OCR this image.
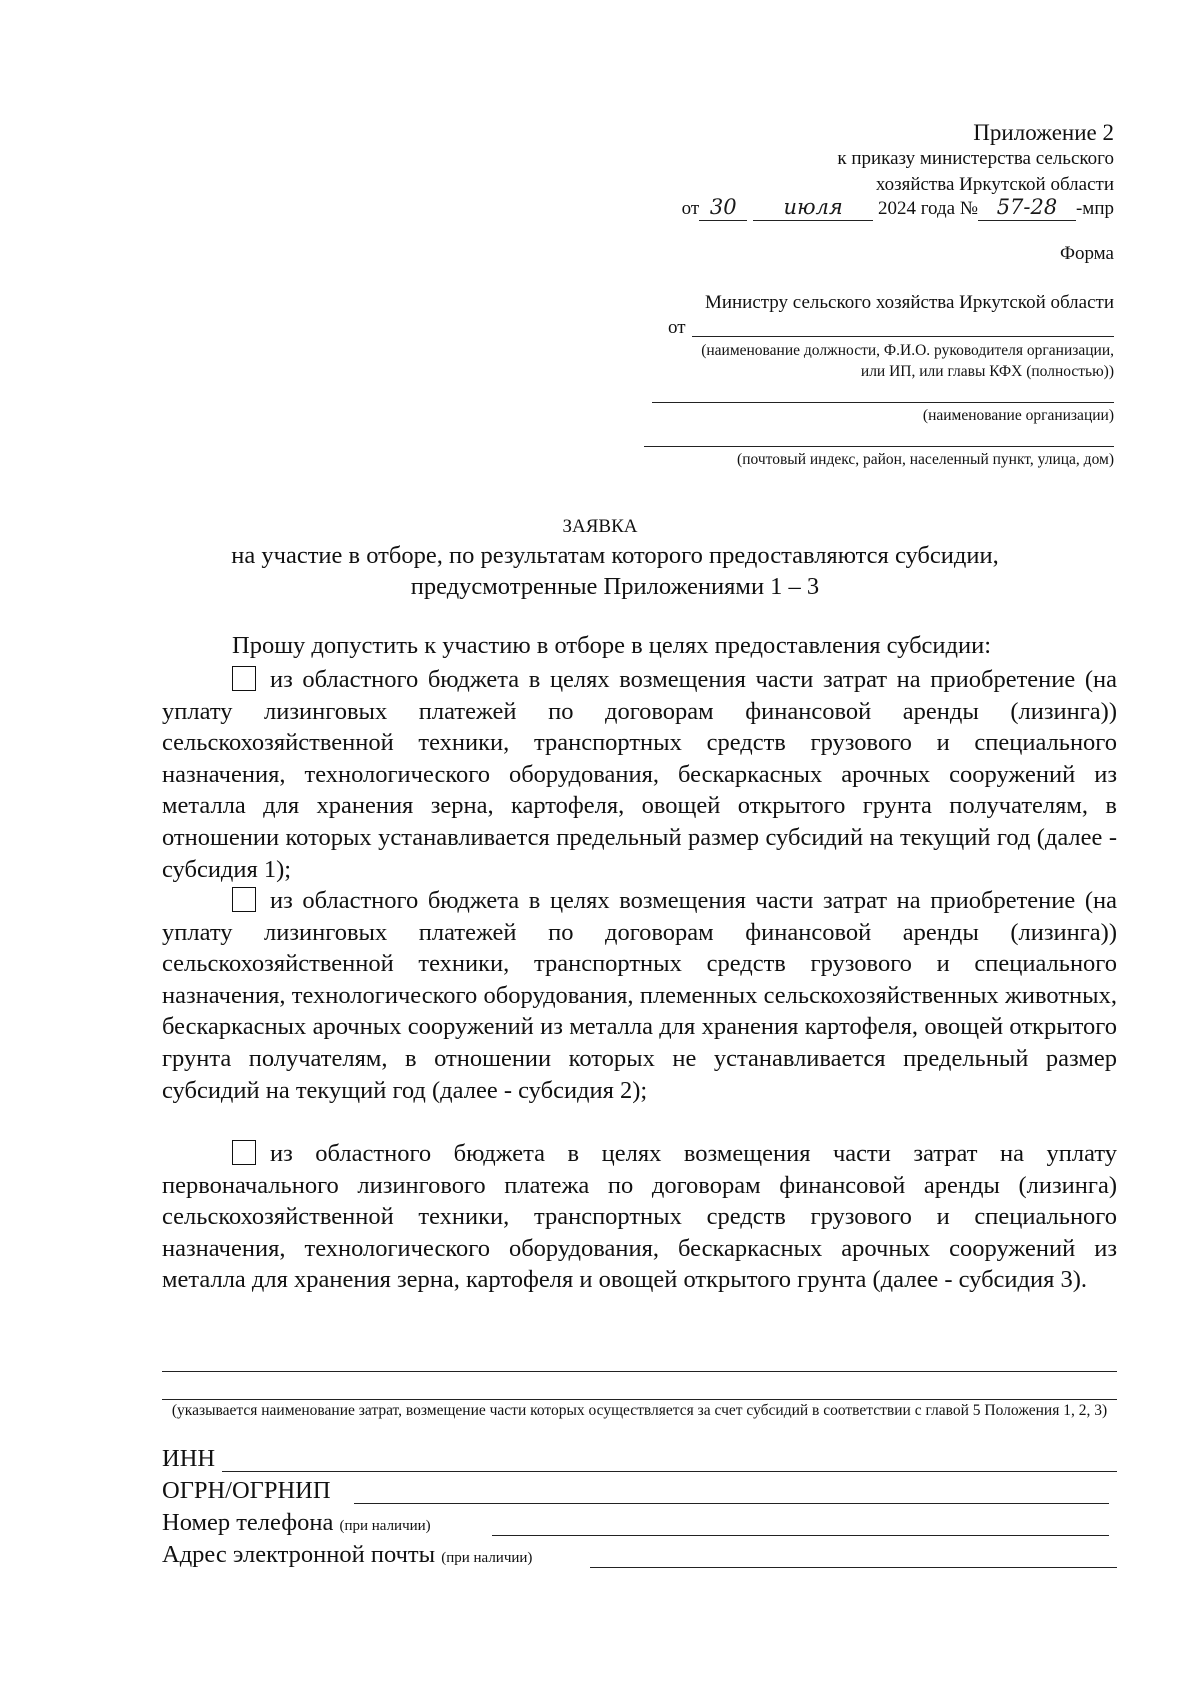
Приложение 2
к приказу министерства сельского
хозяйства Иркутской области
от 30 июля 2024 года № 57-28 -мпр
Форма
Министру сельского хозяйства Иркутской области
от
(наименование должности, Ф.И.О. руководителя организации,
или ИП, или главы КФХ (полностью))
(наименование организации)
(почтовый индекс, район, населенный пункт, улица, дом)
ЗАЯВКА
на участие в отборе, по результатам которого предоставляются субсидии,
предусмотренные Приложениями 1 – 3
Прошу допустить к участию в отборе в целях предоставления субсидии:
из областного бюджета в целях возмещения части затрат на приобретение (на уплату лизинговых платежей по договорам финансовой аренды (лизинга)) сельскохозяйственной техники, транспортных средств грузового и специального назначения, технологического оборудования, бескаркасных арочных сооружений из металла для хранения зерна, картофеля, овощей открытого грунта получателям, в отношении которых устанавливается предельный размер субсидий на текущий год (далее - субсидия 1);
из областного бюджета в целях возмещения части затрат на приобретение (на уплату лизинговых платежей по договорам финансовой аренды (лизинга)) сельскохозяйственной техники, транспортных средств грузового и специального назначения, технологического оборудования, племенных сельскохозяйственных животных, бескаркасных арочных сооружений из металла для хранения картофеля, овощей открытого грунта получателям, в отношении которых не устанавливается предельный размер субсидий на текущий год (далее - субсидия 2);
из областного бюджета в целях возмещения части затрат на уплату первоначального лизингового платежа по договорам финансовой аренды (лизинга) сельскохозяйственной техники, транспортных средств грузового и специального назначения, технологического оборудования, бескаркасных арочных сооружений из металла для хранения зерна, картофеля и овощей открытого грунта (далее - субсидия 3).
(указывается наименование затрат, возмещение части которых осуществляется за счет субсидий в соответствии с главой 5 Положения 1, 2, 3)
ИНН
ОГРН/ОГРНИП
Номер телефона (при наличии)
Адрес электронной почты (при наличии)
